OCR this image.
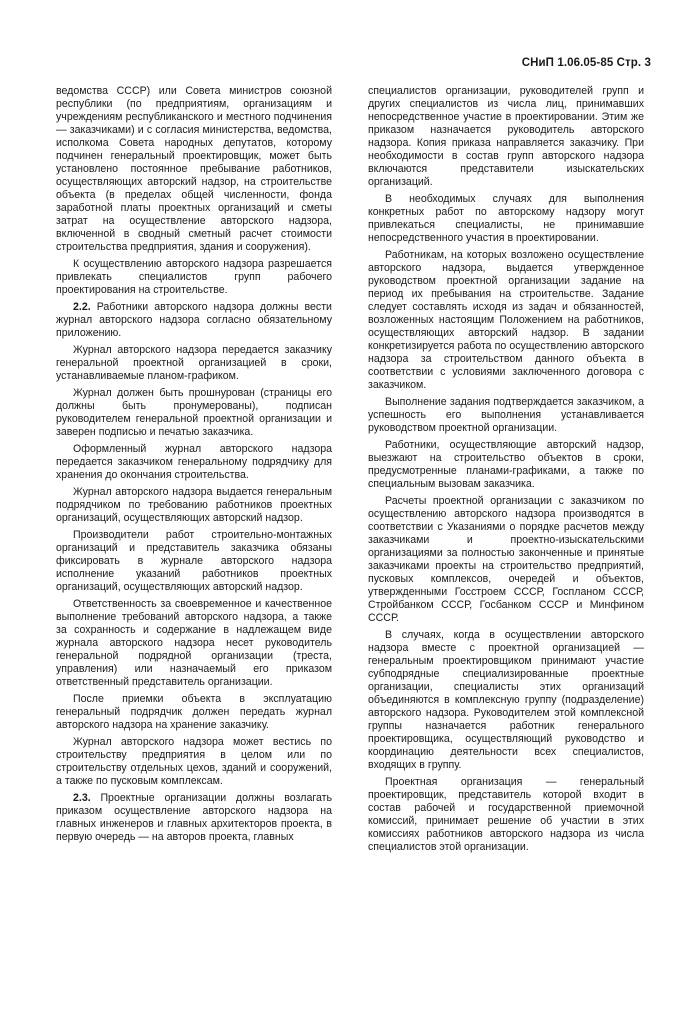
СНиП 1.06.05-85 Стр. 3

ведомства СССР) или Совета министров союзной республики (по предприятиям, организациям и учреждениям республиканского и местного подчинения — заказчиками) и с согласия министерства, ведомства, исполкома Совета народных депутатов, которому подчинен генеральный проектировщик, может быть установлено постоянное пребывание работников, осуществляющих авторский надзор, на строительстве объекта (в пределах общей численности, фонда заработной платы проектных организаций и сметы затрат на осуществление авторского надзора, включенной в сводный сметный расчет стоимости строительства предприятия, здания и сооружения).

К осуществлению авторского надзора разрешается привлекать специалистов групп рабочего проектирования на строительстве.

2.2. Работники авторского надзора должны вести журнал авторского надзора согласно обязательному приложению.

Журнал авторского надзора передается заказчику генеральной проектной организацией в сроки, устанавливаемые планом-графиком.

Журнал должен быть прошнурован (страницы его должны быть пронумерованы), подписан руководителем генеральной проектной организации и заверен подписью и печатью заказчика.

Оформленный журнал авторского надзора передается заказчиком генеральному подрядчику для хранения до окончания строительства.

Журнал авторского надзора выдается генеральным подрядчиком по требованию работников проектных организаций, осуществляющих авторский надзор.

Производители работ строительно-монтажных организаций и представитель заказчика обязаны фиксировать в журнале авторского надзора исполнение указаний работников проектных организаций, осуществляющих авторский надзор.

Ответственность за своевременное и качественное выполнение требований авторского надзора, а также за сохранность и содержание в надлежащем виде журнала авторского надзора несет руководитель генеральной подрядной организации (треста, управления) или назначаемый его приказом ответственный представитель организации.

После приемки объекта в эксплуатацию генеральный подрядчик должен передать журнал авторского надзора на хранение заказчику.

Журнал авторского надзора может вестись по строительству предприятия в целом или по строительству отдельных цехов, зданий и сооружений, а также по пусковым комплексам.

2.3. Проектные организации должны возлагать приказом осуществление авторского надзора на главных инженеров и главных архитекторов проекта, в первую очередь — на авторов проекта, главных

специалистов организации, руководителей групп и других специалистов из числа лиц, принимавших непосредственное участие в проектировании. Этим же приказом назначается руководитель авторского надзора. Копия приказа направляется заказчику. При необходимости в состав групп авторского надзора включаются представители изыскательских организаций.

В необходимых случаях для выполнения конкретных работ по авторскому надзору могут привлекаться специалисты, не принимавшие непосредственного участия в проектировании.

Работникам, на которых возложено осуществление авторского надзора, выдается утвержденное руководством проектной организации задание на период их пребывания на строительстве. Задание следует составлять исходя из задач и обязанностей, возложенных настоящим Положением на работников, осуществляющих авторский надзор. В задании конкретизируется работа по осуществлению авторского надзора за строительством данного объекта в соответствии с условиями заключенного договора с заказчиком.

Выполнение задания подтверждается заказчиком, а успешность его выполнения устанавливается руководством проектной организации.

Работники, осуществляющие авторский надзор, выезжают на строительство объектов в сроки, предусмотренные планами-графиками, а также по специальным вызовам заказчика.

Расчеты проектной организации с заказчиком по осуществлению авторского надзора производятся в соответствии с Указаниями о порядке расчетов между заказчиками и проектно-изыскательскими организациями за полностью законченные и принятые заказчиками проекты на строительство предприятий, пусковых комплексов, очередей и объектов, утвержденными Госстроем СССР, Госпланом СССР, Стройбанком СССР, Госбанком СССР и Минфином СССР.

В случаях, когда в осуществлении авторского надзора вместе с проектной организацией — генеральным проектировщиком принимают участие субподрядные специализированные проектные организации, специалисты этих организаций объединяются в комплексную группу (подразделение) авторского надзора. Руководителем этой комплексной группы назначается работник генерального проектировщика, осуществляющий руководство и координацию деятельности всех специалистов, входящих в группу.

Проектная организация — генеральный проектировщик, представитель которой входит в состав рабочей и государственной приемочной комиссий, принимает решение об участии в этих комиссиях работников авторского надзора из числа специалистов этой организации.
